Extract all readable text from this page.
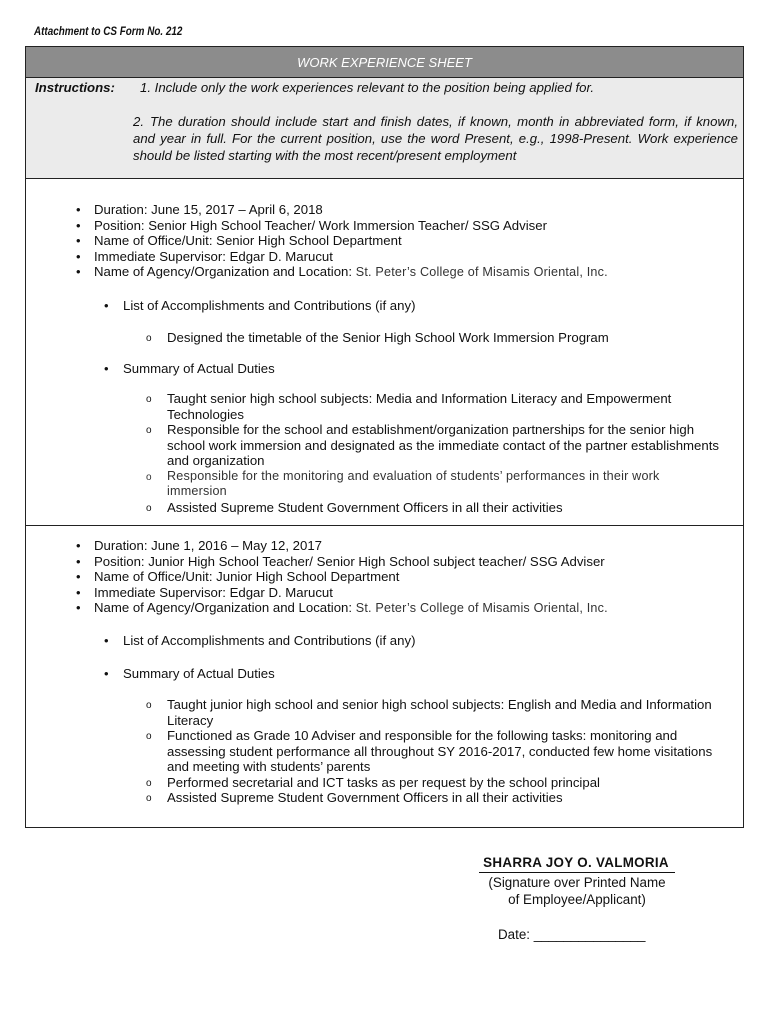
Attachment to CS Form No. 212
WORK EXPERIENCE SHEET
Instructions: 1. Include only the work experiences relevant to the position being applied for.
2. The duration should include start and finish dates, if known, month in abbreviated form, if known, and year in full. For the current position, use the word Present, e.g., 1998-Present. Work experience should be listed starting with the most recent/present employment
• Duration: June 15, 2017 – April 6, 2018
• Position: Senior High School Teacher/ Work Immersion Teacher/ SSG Adviser
• Name of Office/Unit: Senior High School Department
• Immediate Supervisor: Edgar D. Marucut
• Name of Agency/Organization and Location: St. Peter’s College of Misamis Oriental, Inc.
• List of Accomplishments and Contributions (if any)
o Designed the timetable of the Senior High School Work Immersion Program
• Summary of Actual Duties
o Taught senior high school subjects: Media and Information Literacy and Empowerment Technologies
o Responsible for the school and establishment/organization partnerships for the senior high school work immersion and designated as the immediate contact of the partner establishments and organization
o Responsible for the monitoring and evaluation of students’ performances in their work immersion
o Assisted Supreme Student Government Officers in all their activities
• Duration: June 1, 2016 – May 12, 2017
• Position: Junior High School Teacher/ Senior High School subject teacher/ SSG Adviser
• Name of Office/Unit: Junior High School Department
• Immediate Supervisor: Edgar D. Marucut
• Name of Agency/Organization and Location: St. Peter’s College of Misamis Oriental, Inc.
• List of Accomplishments and Contributions (if any)
• Summary of Actual Duties
o Taught junior high school and senior high school subjects: English and Media and Information Literacy
o Functioned as Grade 10 Adviser and responsible for the following tasks: monitoring and assessing student performance all throughout SY 2016-2017, conducted few home visitations and meeting with students’ parents
o Performed secretarial and ICT tasks as per request by the school principal
o Assisted Supreme Student Government Officers in all their activities
SHARRA JOY O. VALMORIA
(Signature over Printed Name
of Employee/Applicant)
Date: _______________
